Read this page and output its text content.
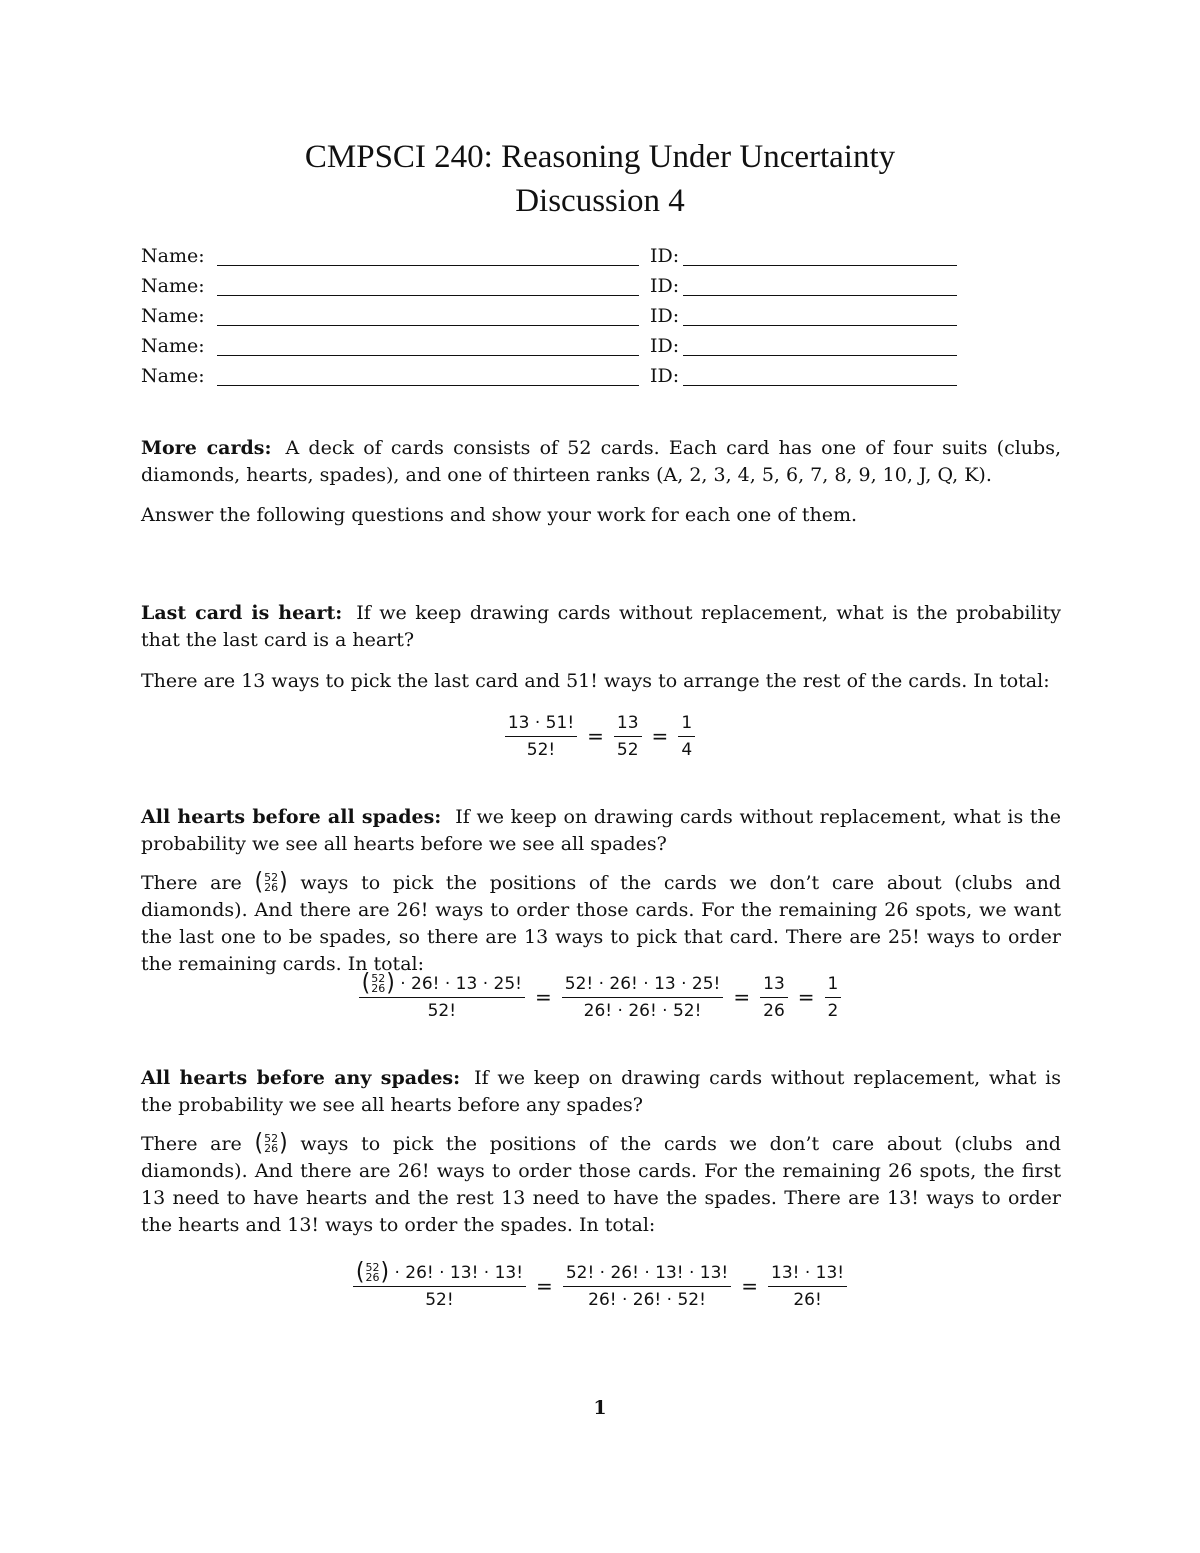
CMPSCI 240: Reasoning Under Uncertainty
Discussion 4
Name:	ID:
Name:	ID:
Name:	ID:
Name:	ID:
Name:	ID:
More cards: A deck of cards consists of 52 cards. Each card has one of four suits (clubs, diamonds, hearts, spades), and one of thirteen ranks (A, 2, 3, 4, 5, 6, 7, 8, 9, 10, J, Q, K).
Answer the following questions and show your work for each one of them.
Last card is heart: If we keep drawing cards without replacement, what is the probability that the last card is a heart?
There are 13 ways to pick the last card and 51! ways to arrange the rest of the cards. In total:
$\frac{13 \cdot 51!}{52!} = \frac{13}{52} = \frac{1}{4}$
All hearts before all spades: If we keep on drawing cards without replacement, what is the probability we see all hearts before we see all spades?
There are ( 52
26 ) ways to pick the positions of the cards we don’t care about (clubs and diamonds). And there are 26! ways to order those cards. For the remaining 26 spots, we want the last one to be spades, so there are 13 ways to pick that card. There are 25! ways to order the remaining cards. In total:
( 52
26 ) · 26! · 13 · 25!
52! = $\frac{52! \cdot 26! \cdot 13 \cdot 25!}{26! \cdot 26! \cdot 52!} = \frac{13}{26} = \frac{1}{2}$
All hearts before any spades: If we keep on drawing cards without replacement, what is the probability we see all hearts before any spades?
There are ( 52
26 ) ways to pick the positions of the cards we don’t care about (clubs and diamonds). And there are 26! ways to order those cards. For the remaining 26 spots, the first 13 need to have hearts and the rest 13 need to have the spades. There are 13! ways to order the hearts and 13! ways to order the spades. In total:
( 52
26 ) · 26! · 13! · 13!
52! = $\frac{52! \cdot 26! \cdot 13! \cdot 13!}{26! \cdot 26! \cdot 52!} = \frac{13! \cdot 13!}{26!}$
1
